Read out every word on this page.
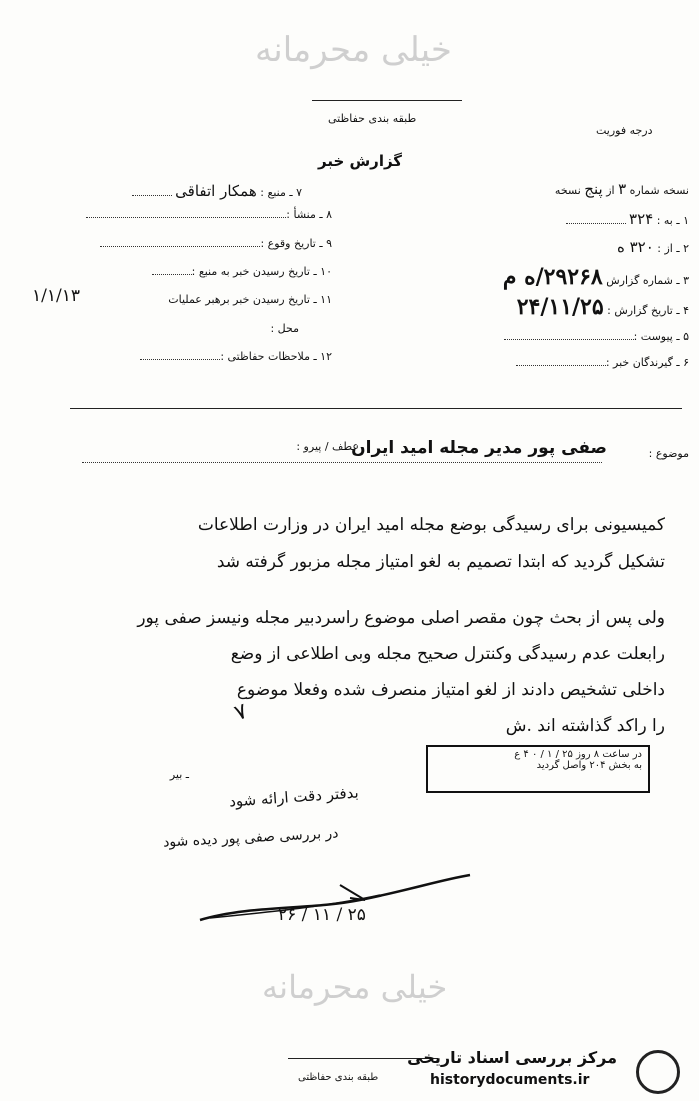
خیلی محرمانه
طبقه بندی حفاظتی
درجه فوریت
گزارش خبر
۷ ـ منبع : همکار اتفاقی
۸ ـ منشأ :
۹ ـ تاریخ وقوع :
۱۰ ـ تاریخ رسیدن خبر به منبع :
۱۱ ـ تاریخ رسیدن خبر برهبر عملیات
۱/۱/۱۳
محل :
۱۲ ـ ملاحظات حفاظتی :
نسخه شماره ۳ از پنج نسخه
۱ ـ به : ۳۲۴
۲ ـ از : ۳۲۰ ه
۳ ـ شماره گزارش ۲۹۲۶۸/ه م
۴ ـ تاریخ گزارش : ۲۴/۱۱/۲۵
۵ ـ پیوست :
۶ ـ گیرندگان خبر :
موضوع :
صفی پور مدیر مجله امید ایران
عطف / پیرو :
کمیسیونی برای رسیدگی بوضع مجله امید ایران در وزارت اطلاعات
تشکیل گردید که ابتدا تصمیم به لغو امتیاز مجله مزبور گرفته شد
ولی پس از بحث چون مقصر اصلی موضوع راسردبیر مجله ونیسز صفی پور
رابعلت عدم رسیدگی وکنترل صحیح مجله وبی اطلاعی از وضع
داخلی تشخیص دادند از لغو امتیاز منصرف شده وفعلا موضوع
را راکد گذاشته اند .ش
۷
در ساعت ۸ روز ۲۵ / ۱ / ۰ ۴ ع
به بخش ۲۰۴ واصل گردید
ـ بیر
بدفتر دقت ارائه شود
در بررسی صفی پور دیده شود
۲۶ / ۱۱ / ۲۵
خیلی محرمانه
طبقه بندی حفاظتی
مرکز بررسی اسناد تاریخی
historydocuments.ir
